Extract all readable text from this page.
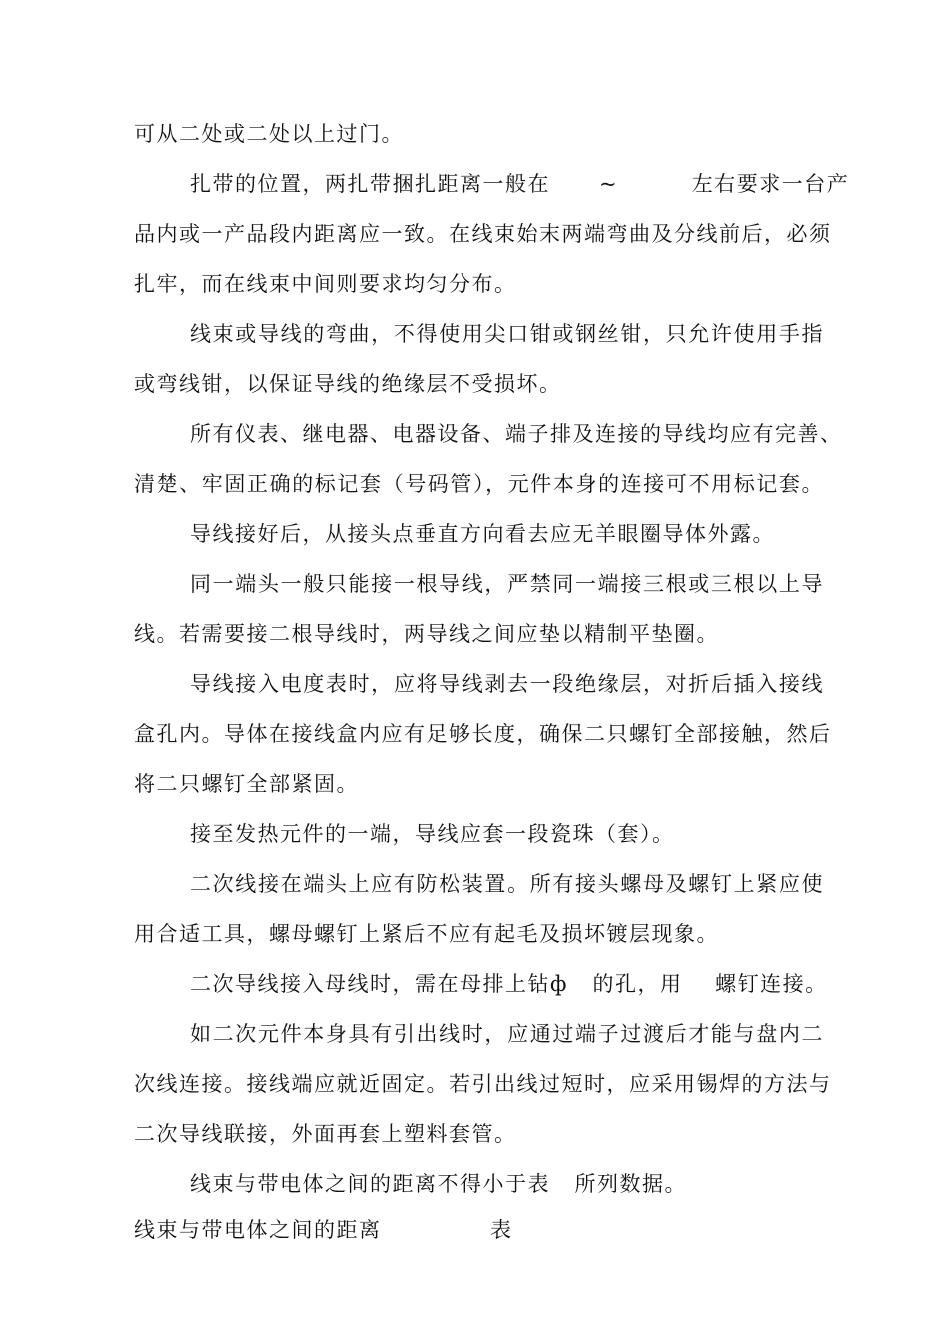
可从二处或二处以上过门。
扎带的位置，两扎带捆扎距离一般在      ~         左右要求一台产
品内或一产品段内距离应一致。在线束始末两端弯曲及分线前后，必须
扎牢，而在线束中间则要求均匀分布。
线束或导线的弯曲，不得使用尖口钳或钢丝钳，只允许使用手指
或弯线钳，以保证导线的绝缘层不受损坏。
所有仪表、继电器、电器设备、端子排及连接的导线均应有完善、
清楚、牢固正确的标记套（号码管），元件本身的连接可不用标记套。
导线接好后，从接头点垂直方向看去应无羊眼圈导体外露。
同一端头一般只能接一根导线，严禁同一端接三根或三根以上导
线。若需要接二根导线时，两导线之间应垫以精制平垫圈。
导线接入电度表时，应将导线剥去一段绝缘层，对折后插入接线
盒孔内。导体在接线盒内应有足够长度，确保二只螺钉全部接触，然后
将二只螺钉全部紧固。
接至发热元件的一端，导线应套一段瓷珠（套）。
二次线接在端头上应有防松装置。所有接头螺母及螺钉上紧应使
用合适工具，螺母螺钉上紧后不应有起毛及损坏镀层现象。
二次导线接入母线时，需在母排上钻ф   的孔，用    螺钉连接。
如二次元件本身具有引出线时，应通过端子过渡后才能与盘内二
次线连接。接线端应就近固定。若引出线过短时，应采用锡焊的方法与
二次导线联接，外面再套上塑料套管。
线束与带电体之间的距离不得小于表   所列数据。
线束与带电体之间的距离	表
